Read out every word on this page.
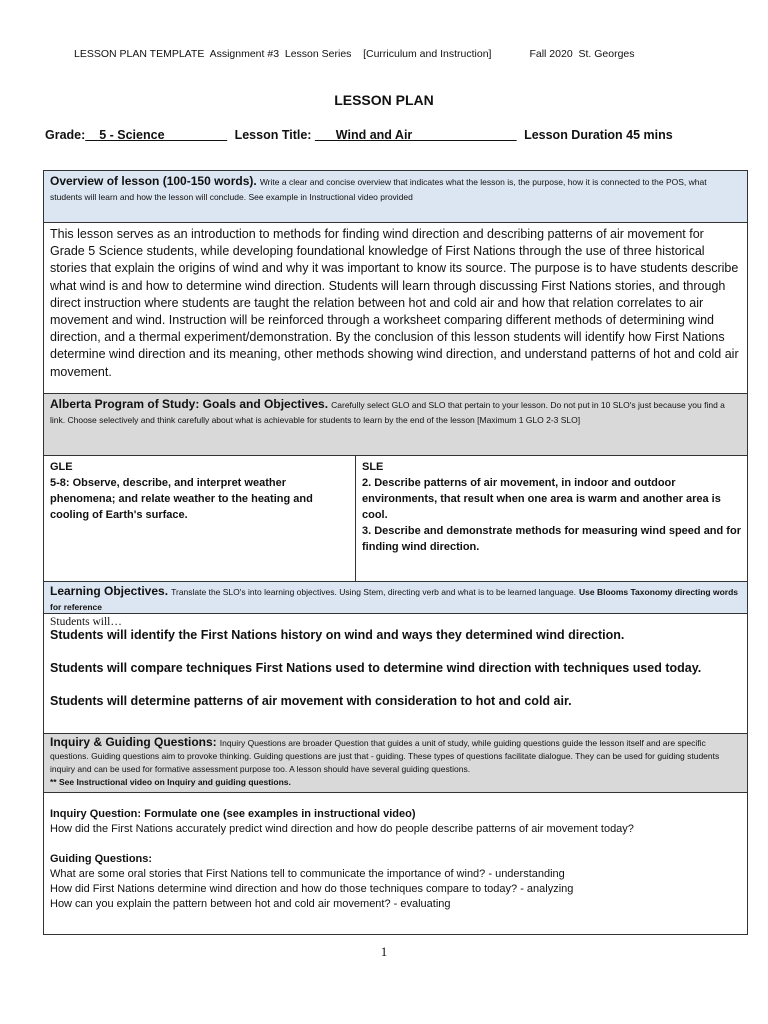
LESSON PLAN TEMPLATE  Assignment #3  Lesson Series    [Curriculum and Instruction]	Fall 2020  St. Georges
LESSON PLAN
Grade:__5 - Science_________ Lesson Title: ___Wind and Air_______________ Lesson Duration 45 mins
Overview of lesson (100-150 words). Write a clear and concise overview that indicates what the lesson is, the purpose, how it is connected to the POS, what students will learn and how the lesson will conclude. See example in Instructional video provided
This lesson serves as an introduction to methods for finding wind direction and describing patterns of air movement for Grade 5 Science students, while developing foundational knowledge of First Nations through the use of three historical stories that explain the origins of wind and why it was important to know its source. The purpose is to have students describe what wind is and how to determine wind direction. Students will learn through discussing First Nations stories, and through direct instruction where students are taught the relation between hot and cold air and how that relation correlates to air movement and wind. Instruction will be reinforced through a worksheet comparing different methods of determining wind direction, and a thermal experiment/demonstration. By the conclusion of this lesson students will identify how First Nations determine wind direction and its meaning, other methods showing wind direction, and understand patterns of hot and cold air movement.
Alberta Program of Study: Goals and Objectives. Carefully select GLO and SLO that pertain to your lesson. Do not put in 10 SLO's just because you find a link. Choose selectively and think carefully about what is achievable for students to learn by the end of the lesson [Maximum 1 GLO 2-3 SLO]
GLE
5-8: Observe, describe, and interpret weather phenomena; and relate weather to the heating and cooling of Earth's surface.
SLE
2. Describe patterns of air movement, in indoor and outdoor environments, that result when one area is warm and another area is cool.
3. Describe and demonstrate methods for measuring wind speed and for finding wind direction.
Learning Objectives. Translate the SLO's into learning objectives. Using Stem, directing verb and what is to be learned language. Use Blooms Taxonomy directing words for reference
Students will…
Students will identify the First Nations history on wind and ways they determined wind direction.
Students will compare techniques First Nations used to determine wind direction with techniques used today.
Students will determine patterns of air movement with consideration to hot and cold air.
Inquiry & Guiding Questions: Inquiry Questions are broader Question that guides a unit of study, while guiding questions guide the lesson itself and are specific questions. Guiding questions aim to provoke thinking. Guiding questions are just that - guiding. These types of questions facilitate dialogue. They can be used for guiding students inquiry and can be used for formative assessment purpose too. A lesson should have several guiding questions.
** See Instructional video on Inquiry and guiding questions.
Inquiry Question: Formulate one (see examples in instructional video)
How did the First Nations accurately predict wind direction and how do people describe patterns of air movement today?
Guiding Questions:
What are some oral stories that First Nations tell to communicate the importance of wind? - understanding
How did First Nations determine wind direction and how do those techniques compare to today? - analyzing
How can you explain the pattern between hot and cold air movement? - evaluating
1
